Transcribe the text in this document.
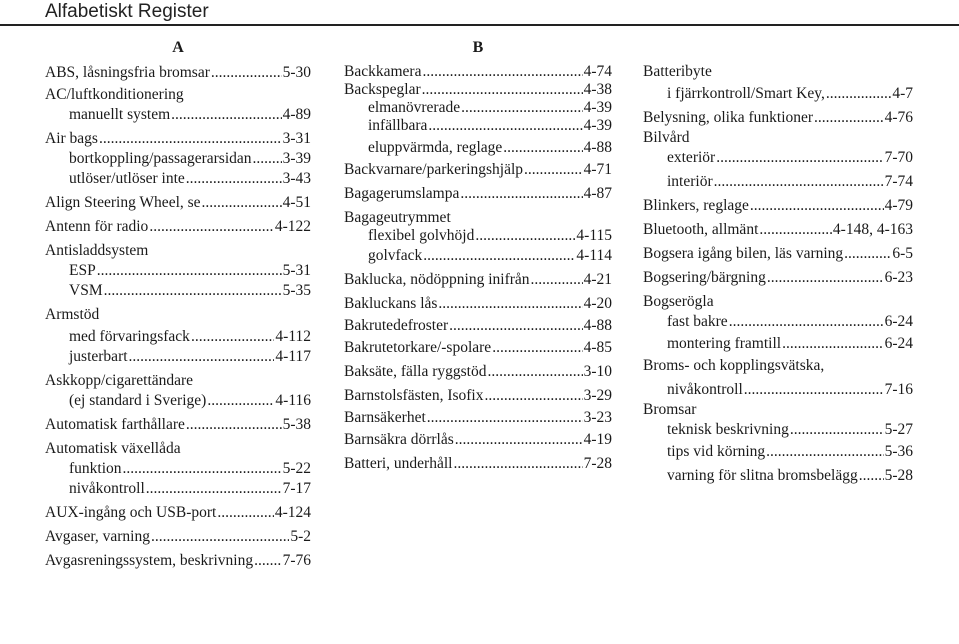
Alfabetiskt Register
A
ABS, låsningsfria bromsar .....	5-30
AC/luftkonditionering
manuellt system .....	4-89
Air bags .....	3-31
bortkoppling/passagerarsidan ..... 3-39
utlöser/utlöser inte .....	3-43
Align Steering Wheel, se .....	4-51
Antenn för radio .....	4-122
Antisladdsystem
ESP .....	5-31
VSM .....	5-35
Armstöd
med förvaringsfack .....	4-112
justerbart .....	4-117
Askkopp/cigarettändare
(ej standard i Sverige) .....	4-116
Automatisk farthållare .....	5-38
Automatisk växellåda
funktion .....	5-22
nivåkontroll .....	7-17
AUX-ingång och USB-port .....	4-124
Avgaser, varning .....	5-2
Avgasreningssystem, beskrivning ..... 7-76
B
Backkamera .....	4-74
Backspeglar .....	4-38
elmanövrerade .....	4-39
infällbara .....	4-39
eluppvärmda, reglage .....	4-88
Backvarnare/parkeringshjälp .....	4-71
Bagagerumslampa .....	4-87
Bagageutrymmet
flexibel golvhöjd .....	4-115
golvfack .....	4-114
Baklucka, nödöppning inifrån .....	4-21
Bakluckans lås .....	4-20
Bakrutedefroster .....	4-88
Bakrutetorkare/-spolare .....	4-85
Baksäte, fälla ryggstöd .....	3-10
Barnstolsfästen, Isofix .....	3-29
Barnsäkerhet .....	3-23
Barnsäkra dörrlås .....	4-19
Batteri, underhåll .....	7-28
Batteribyte
i fjärrkontroll/Smart Key, .....	4-7
Belysning, olika funktioner .....	4-76
Bilvård
exteriör .....	7-70
interiör .....	7-74
Blinkers, reglage .....	4-79
Bluetooth, allmänt .....	4-148, 4-163
Bogsera igång bilen, läs varning .....	6-5
Bogsering/bärgning .....	6-23
Bogseröglа
fast bakre .....	6-24
montering framtill .....	6-24
Broms- och kopplingsvätska,
nivåkontroll .....	7-16
Bromsar
teknisk beskrivning .....	5-27
tips vid körning .....	5-36
varning för slitna bromsbelägg ..... 5-28
